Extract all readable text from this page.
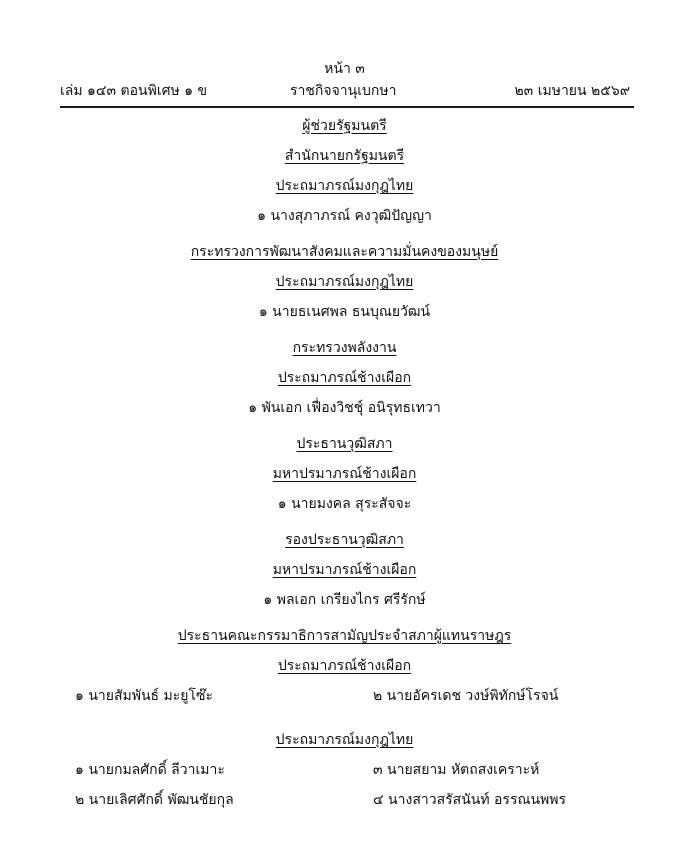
หน้า ๓
เล่ม ๑๔๓ ตอนพิเศษ ๑ ข	ราชกิจจานุเบกษา	๒๓ เมษายน ๒๕๖๙
ผู้ช่วยรัฐมนตรี
สำนักนายกรัฐมนตรี
ประถมาภรณ์มงกุฎไทย
๑ นางสุภาภรณ์ คงวุฒิปัญญา
กระทรวงการพัฒนาสังคมและความมั่นคงของมนุษย์
ประถมาภรณ์มงกุฎไทย
๑ นายธเนศพล ธนบุณยวัฒน์
กระทรวงพลังงาน
ประถมาภรณ์ช้างเผือก
๑ พันเอก เฟื่องวิชชุ์ อนิรุทธเทวา
ประธานวุฒิสภา
มหาปรมาภรณ์ช้างเผือก
๑ นายมงคล สุระสัจจะ
รองประธานวุฒิสภา
มหาปรมาภรณ์ช้างเผือก
๑ พลเอก เกรียงไกร ศรีรักษ์
ประธานคณะกรรมาธิการสามัญประจำสภาผู้แทนราษฎร
ประถมาภรณ์ช้างเผือก
๑ นายสัมพันธ์ มะยูโซ๊ะ	๒ นายอัครเดช วงษ์พิทักษ์โรจน์
ประถมาภรณ์มงกุฎไทย
๑ นายกมลศักดิ์ ลีวาเมาะ	๓ นายสยาม หัตถสงเคราะห์
๒ นายเลิศศักดิ์ พัฒนชัยกุล	๔ นางสาวสรัสนันท์ อรรณนพพร
